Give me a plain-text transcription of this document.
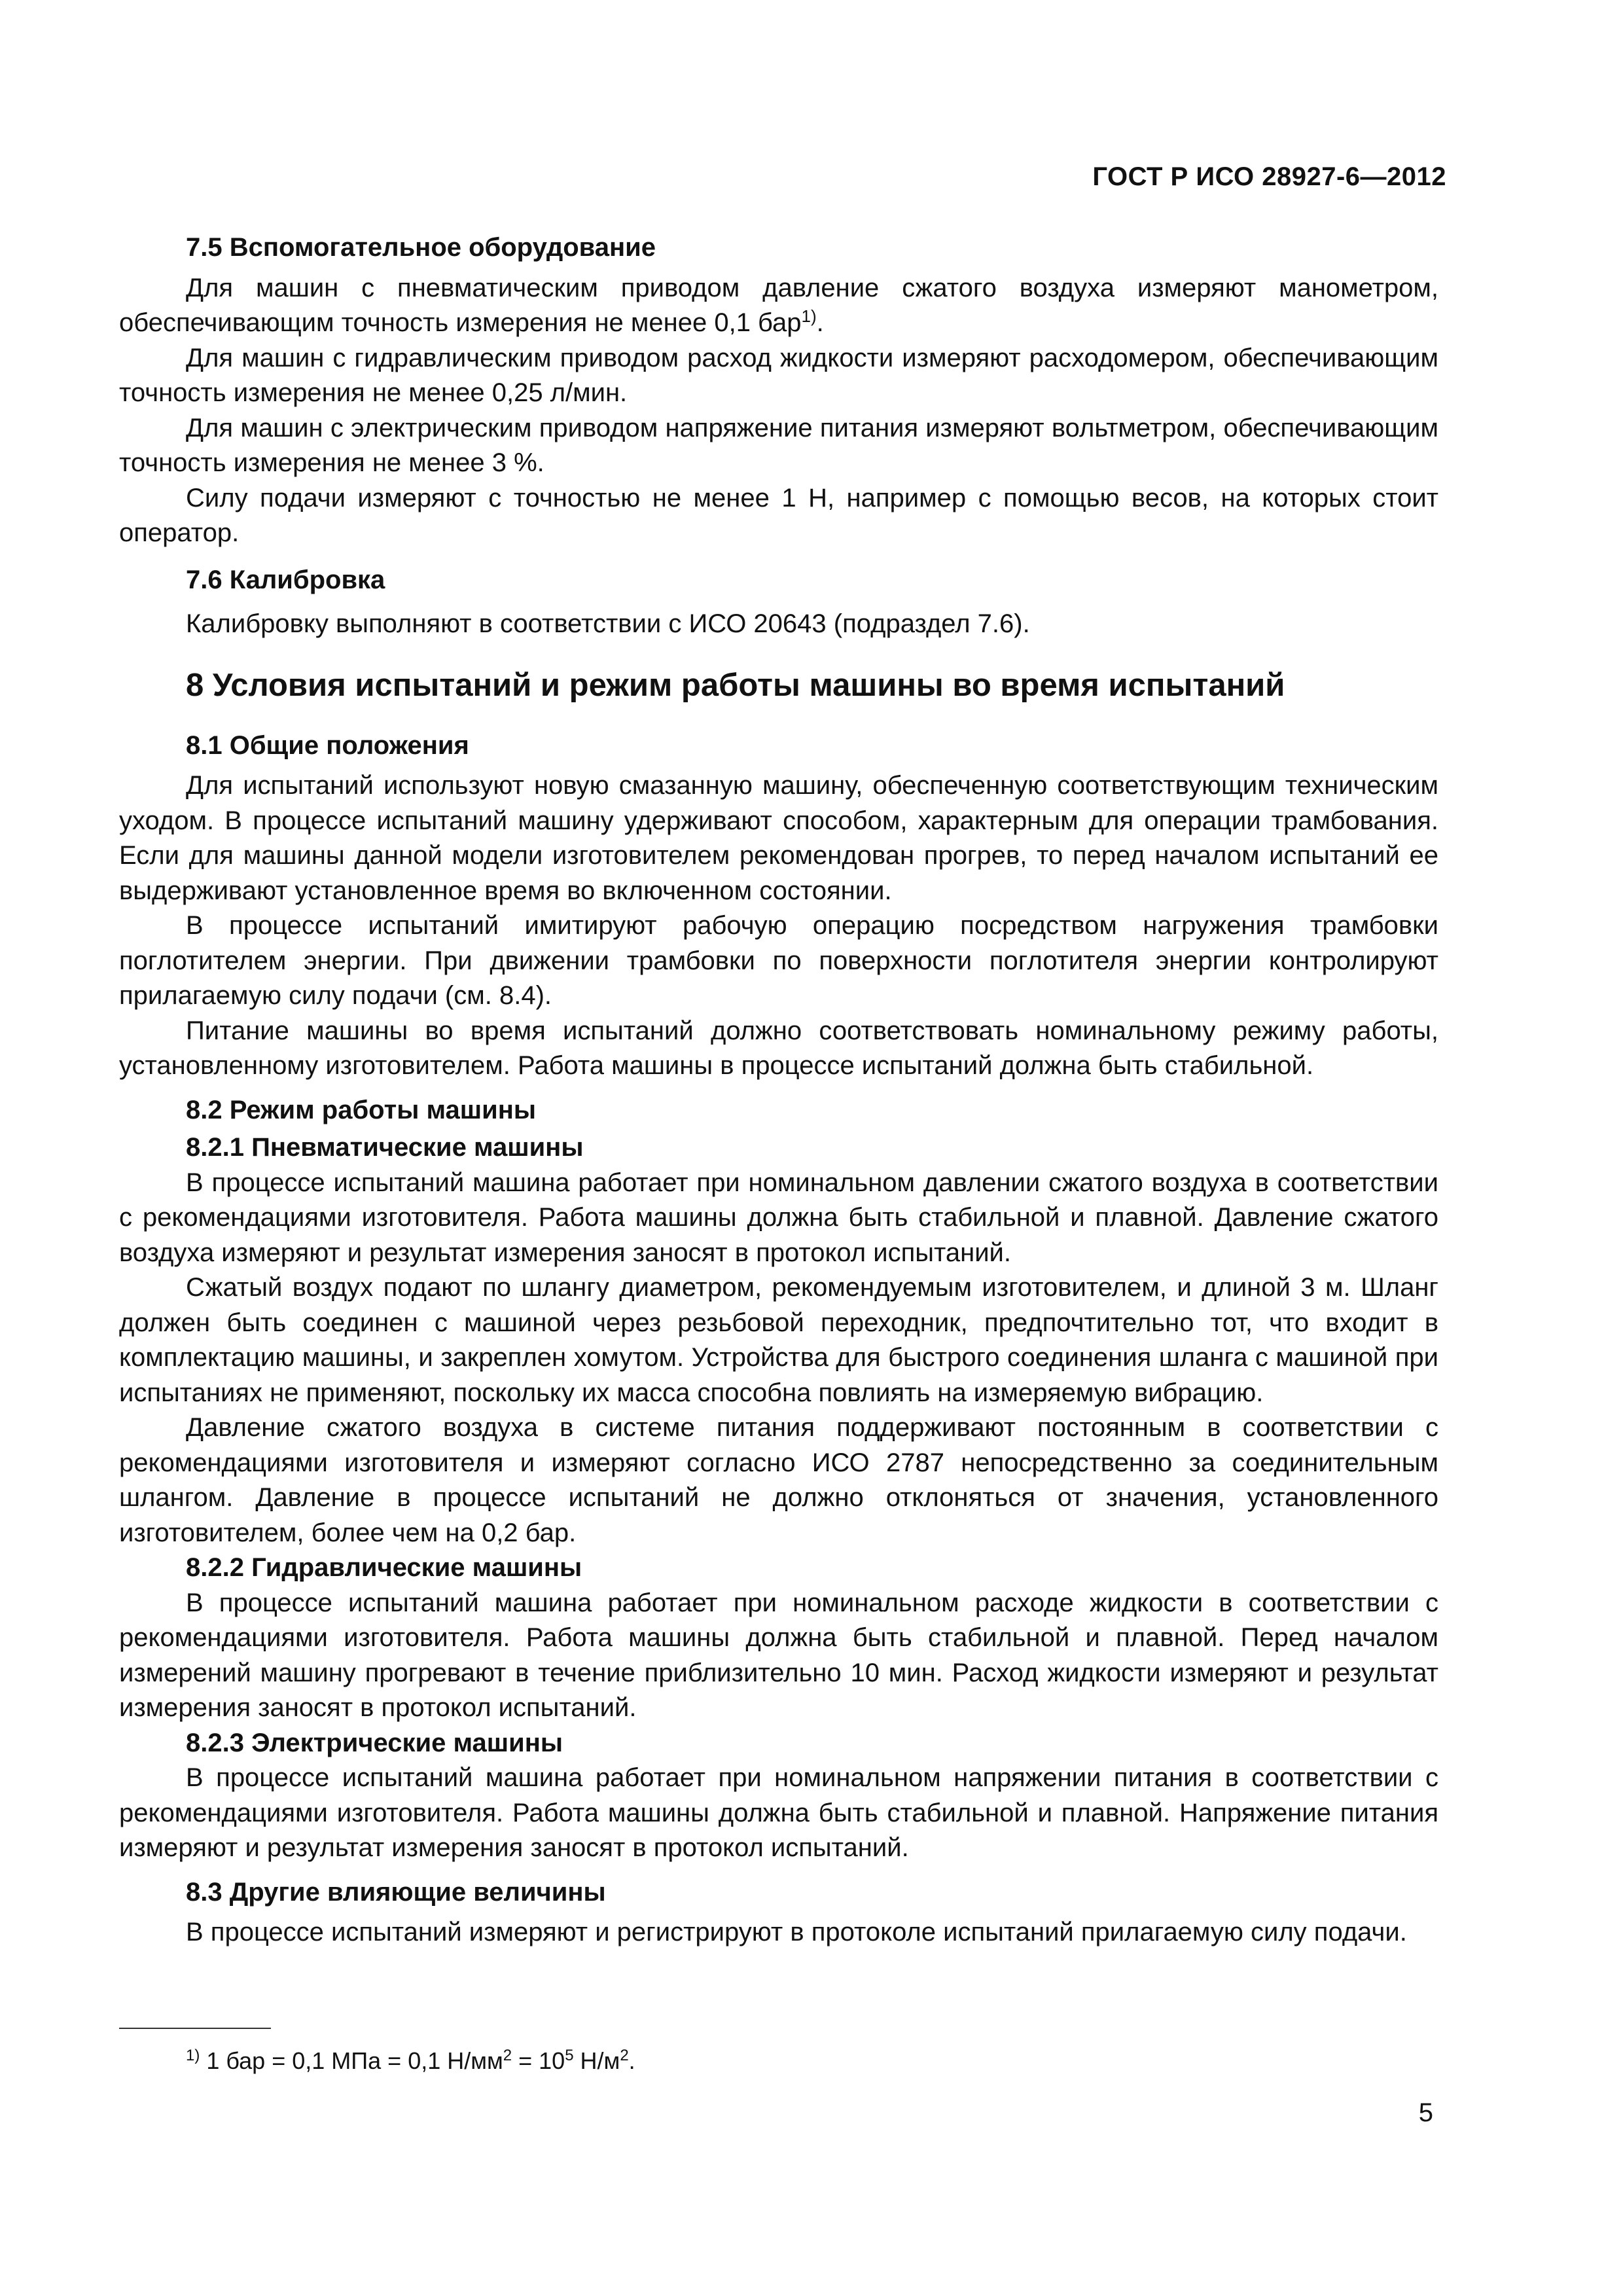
ГОСТ Р ИСО 28927-6—2012
7.5 Вспомогательное оборудование

Для машин с пневматическим приводом давление сжатого воздуха измеряют манометром, обеспечивающим точность измерения не менее 0,1 бар$^{1)}$.

Для машин с гидравлическим приводом расход жидкости измеряют расходомером, обеспечивающим точность измерения не менее 0,25 л/мин.

Для машин с электрическим приводом напряжение питания измеряют вольтметром, обеспечивающим точность измерения не менее 3 %.

Силу подачи измеряют с точностью не менее 1 Н, например с помощью весов, на которых стоит оператор.

7.6 Калибровка

Калибровку выполняют в соответствии с ИСО 20643 (подраздел 7.6).

8 Условия испытаний и режим работы машины во время испытаний
8.1 Общие положения

Для испытаний используют новую смазанную машину, обеспеченную соответствующим техническим уходом. В процессе испытаний машину удерживают способом, характерным для операции трамбования. Если для машины данной модели изготовителем рекомендован прогрев, то перед началом испытаний ее выдерживают установленное время во включенном состоянии.

В процессе испытаний имитируют рабочую операцию посредством нагружения трамбовки поглотителем энергии. При движении трамбовки по поверхности поглотителя энергии контролируют прилагаемую силу подачи (см. 8.4).

Питание машины во время испытаний должно соответствовать номинальному режиму работы, установленному изготовителем. Работа машины в процессе испытаний должна быть стабильной.

8.2 Режим работы машины
8.2.1 Пневматические машины

В процессе испытаний машина работает при номинальном давлении сжатого воздуха в соответствии с рекомендациями изготовителя. Работа машины должна быть стабильной и плавной. Давление сжатого воздуха измеряют и результат измерения заносят в протокол испытаний.

Сжатый воздух подают по шлангу диаметром, рекомендуемым изготовителем, и длиной 3 м. Шланг должен быть соединен с машиной через резьбовой переходник, предпочтительно тот, что входит в комплектацию машины, и закреплен хомутом. Устройства для быстрого соединения шланга с машиной при испытаниях не применяют, поскольку их масса способна повлиять на измеряемую вибрацию.

Давление сжатого воздуха в системе питания поддерживают постоянным в соответствии с рекомендациями изготовителя и измеряют согласно ИСО 2787 непосредственно за соединительным шлангом. Давление в процессе испытаний не должно отклоняться от значения, установленного изготовителем, более чем на 0,2 бар.

8.2.2 Гидравлические машины

В процессе испытаний машина работает при номинальном расходе жидкости в соответствии с рекомендациями изготовителя. Работа машины должна быть стабильной и плавной. Перед началом измерений машину прогревают в течение приблизительно 10 мин. Расход жидкости измеряют и результат измерения заносят в протокол испытаний.

8.2.3 Электрические машины

В процессе испытаний машина работает при номинальном напряжении питания в соответствии с рекомендациями изготовителя. Работа машины должна быть стабильной и плавной. Напряжение питания измеряют и результат измерения заносят в протокол испытаний.

8.3 Другие влияющие величины

В процессе испытаний измеряют и регистрируют в протоколе испытаний прилагаемую силу подачи.

$^{1)}$ 1 бар = 0,1 МПа = 0,1 $Н/мм^2 = 10^5$ $Н/м^2$.
5
